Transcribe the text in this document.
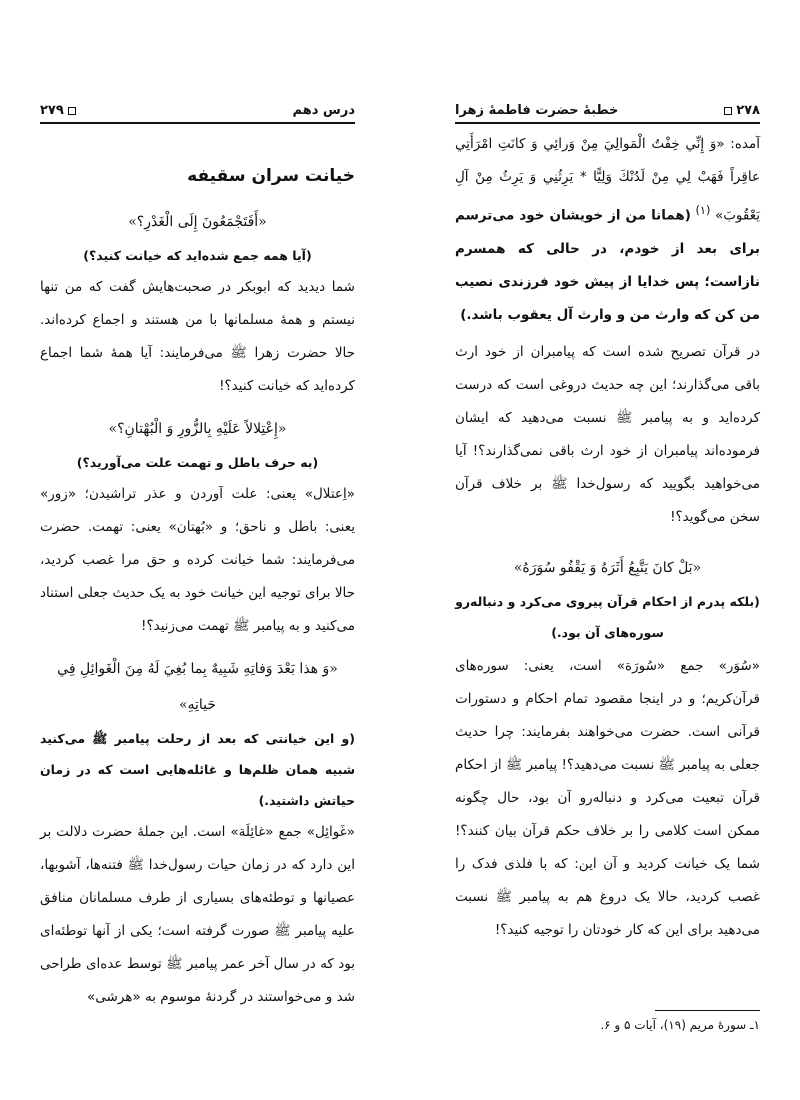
۲۷۸
خطبهٔ حضرت فاطمهٔ زهرا

آمده: «وَ إِنِّي خِفْتُ الْمَوالِيَ مِنْ وَرائِي وَ كانَتِ امْرَأَتِي عاقِراً فَهَبْ لِي مِنْ لَدُنْكَ وَلِيًّا * يَرِثُنِي وَ يَرِثُ مِنْ آلِ يَعْقُوبَ» $^{(۱)}$ (همانا من از خویشان خود می‌ترسم برای بعد از خودم، در حالی که همسرم نازاست؛ پس خدایا از پیش خود فرزندی نصیب من کن که وارث من و وارث آل یعقوب باشد.)

در قرآن تصریح شده است که پیامبران از خود ارث باقی می‌گذارند؛ این چه حدیث دروغی است که درست کرده‌اید و به پیامبر ﷺ نسبت می‌دهید که ایشان فرموده‌اند پیامبران از خود ارث باقی نمی‌گذارند؟! آیا می‌خواهید بگویید که رسول‌خدا ﷺ بر خلاف قرآن سخن می‌گوید؟!

«بَلْ كانَ يَتَّبِعُ أَثَرَهُ وَ يَقْفُو سُوَرَهُ»

(بلکه پدرم از احکام قرآن پیروی می‌کرد و دنباله‌رو سوره‌های آن بود.)

«سُوَر» جمع «سُورَة» است، یعنی: سوره‌های قرآن‌کریم؛ و در اینجا مقصود تمام احکام و دستورات قرآنی است. حضرت می‌خواهند بفرمایند: چرا حدیث جعلی به پیامبر ﷺ نسبت می‌دهید؟! پیامبر ﷺ از احکام قرآن تبعیت می‌کرد و دنباله‌رو آن بود، حال چگونه ممکن است کلامی را بر خلاف حکم قرآن بیان کنند؟! شما یک خیانت کردید و آن این: که با فلذی فدک را غصب کردید، حالا یک دروغ هم به پیامبر ﷺ نسبت می‌دهید برای این که کار خودتان را توجیه کنید؟!

۱ـ سورهٔ مریم (۱۹)، آیات ۵ و ۶.

درس دهم
۲۷۹

خیانت سران سقیفه

«أَفَتَجْمَعُونَ إِلَى الْغَدْرِ؟»

(آیا همه جمع شده‌اید که خیانت کنید؟)

شما دیدید که ابوبکر در صحبت‌هایش گفت که من تنها نیستم و همهٔ مسلمانها با من هستند و اجماع کرده‌اند. حالا حضرت زهرا ﷺ می‌فرمایند: آیا همهٔ شما اجماع کرده‌اید که خیانت کنید؟!

«إِعْتِلالاً عَلَيْهِ بِالزُّورِ وَ الْبُهْتانِ؟»

(به حرف باطل و تهمت علت می‌آورید؟)

«اِعتلال» یعنی: علت آوردن و عذر تراشیدن؛ «زور» یعنی: باطل و ناحق؛ و «بُهتان» یعنی: تهمت. حضرت می‌فرمایند: شما خیانت کرده و حق مرا غصب کردید، حالا برای توجیه این خیانت خود به یک حدیث جعلی استناد می‌کنید و به پیامبر ﷺ تهمت می‌زنید؟!

«وَ هذا بَعْدَ وَفاتِهِ شَبِيهٌ بِما بُغِيَ لَهُ مِنَ الْغَوائِلِ فِي حَياتِهِ»

(و این خیانتی که بعد از رحلت پیامبر ﷺ می‌کنید شبیه همان ظلم‌ها و غائله‌هایی است که در زمان حیاتش داشتید.)

«غَوائِل» جمع «غائِلَة» است. این جملهٔ حضرت دلالت بر این دارد که در زمان حیات رسول‌خدا ﷺ فتنه‌ها، آشوبها، عصیانها و توطئه‌های بسیاری از طرف مسلمانان منافق علیه پیامبر ﷺ صورت گرفته است؛ یکی از آنها توطئه‌ای بود که در سال آخر عمر پیامبر ﷺ توسط عده‌ای طراحی شد و می‌خواستند در گردنهٔ موسوم به «هرشی»
